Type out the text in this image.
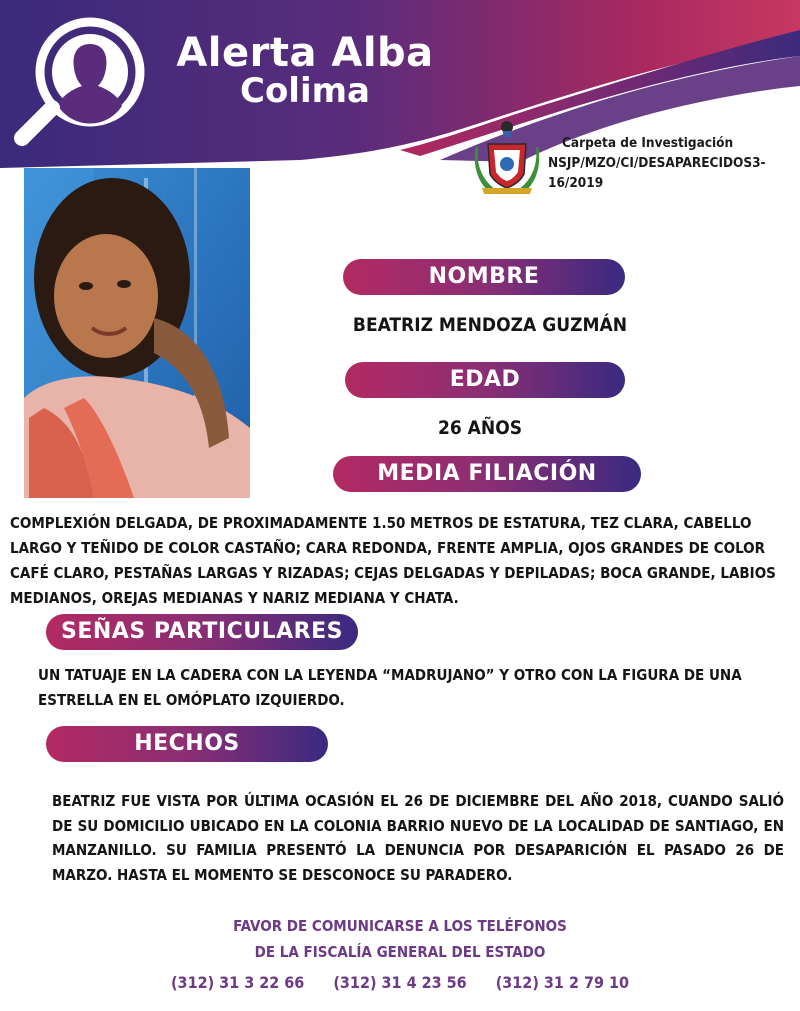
Alerta Alba
Colima
Carpeta de Investigación
NSJP/MZO/CI/DESAPARECIDOS3-16/2019
NOMBRE
BEATRIZ MENDOZA GUZMÁN
EDAD
26 AÑOS
MEDIA FILIACIÓN
COMPLEXIÓN DELGADA, DE PROXIMADAMENTE 1.50 METROS DE ESTATURA, TEZ CLARA, CABELLO LARGO Y TEÑIDO DE COLOR CASTAÑO; CARA REDONDA, FRENTE AMPLIA, OJOS GRANDES DE COLOR CAFÉ CLARO, PESTAÑAS LARGAS Y RIZADAS; CEJAS DELGADAS Y DEPILADAS; BOCA GRANDE, LABIOS MEDIANOS, OREJAS MEDIANAS Y NARIZ MEDIANA Y CHATA.
SEÑAS PARTICULARES
UN TATUAJE EN LA CADERA CON LA LEYENDA “MADRUJANO” Y OTRO CON LA FIGURA DE UNA ESTRELLA EN EL OMÓPLATO IZQUIERDO.
HECHOS
BEATRIZ FUE VISTA POR ÚLTIMA OCASIÓN EL 26 DE DICIEMBRE DEL AÑO 2018, CUANDO SALIÓ DE SU DOMICILIO UBICADO EN LA COLONIA BARRIO NUEVO DE LA LOCALIDAD DE SANTIAGO, EN MANZANILLO. SU FAMILIA PRESENTÓ LA DENUNCIA POR DESAPARICIÓN EL PASADO 26 DE MARZO. HASTA EL MOMENTO SE DESCONOCE SU PARADERO.
FAVOR DE COMUNICARSE A LOS TELÉFONOS
DE LA FISCALÍA GENERAL DEL ESTADO
(312) 31 3 22 66 (312) 31 4 23 56 (312) 31 2 79 10
